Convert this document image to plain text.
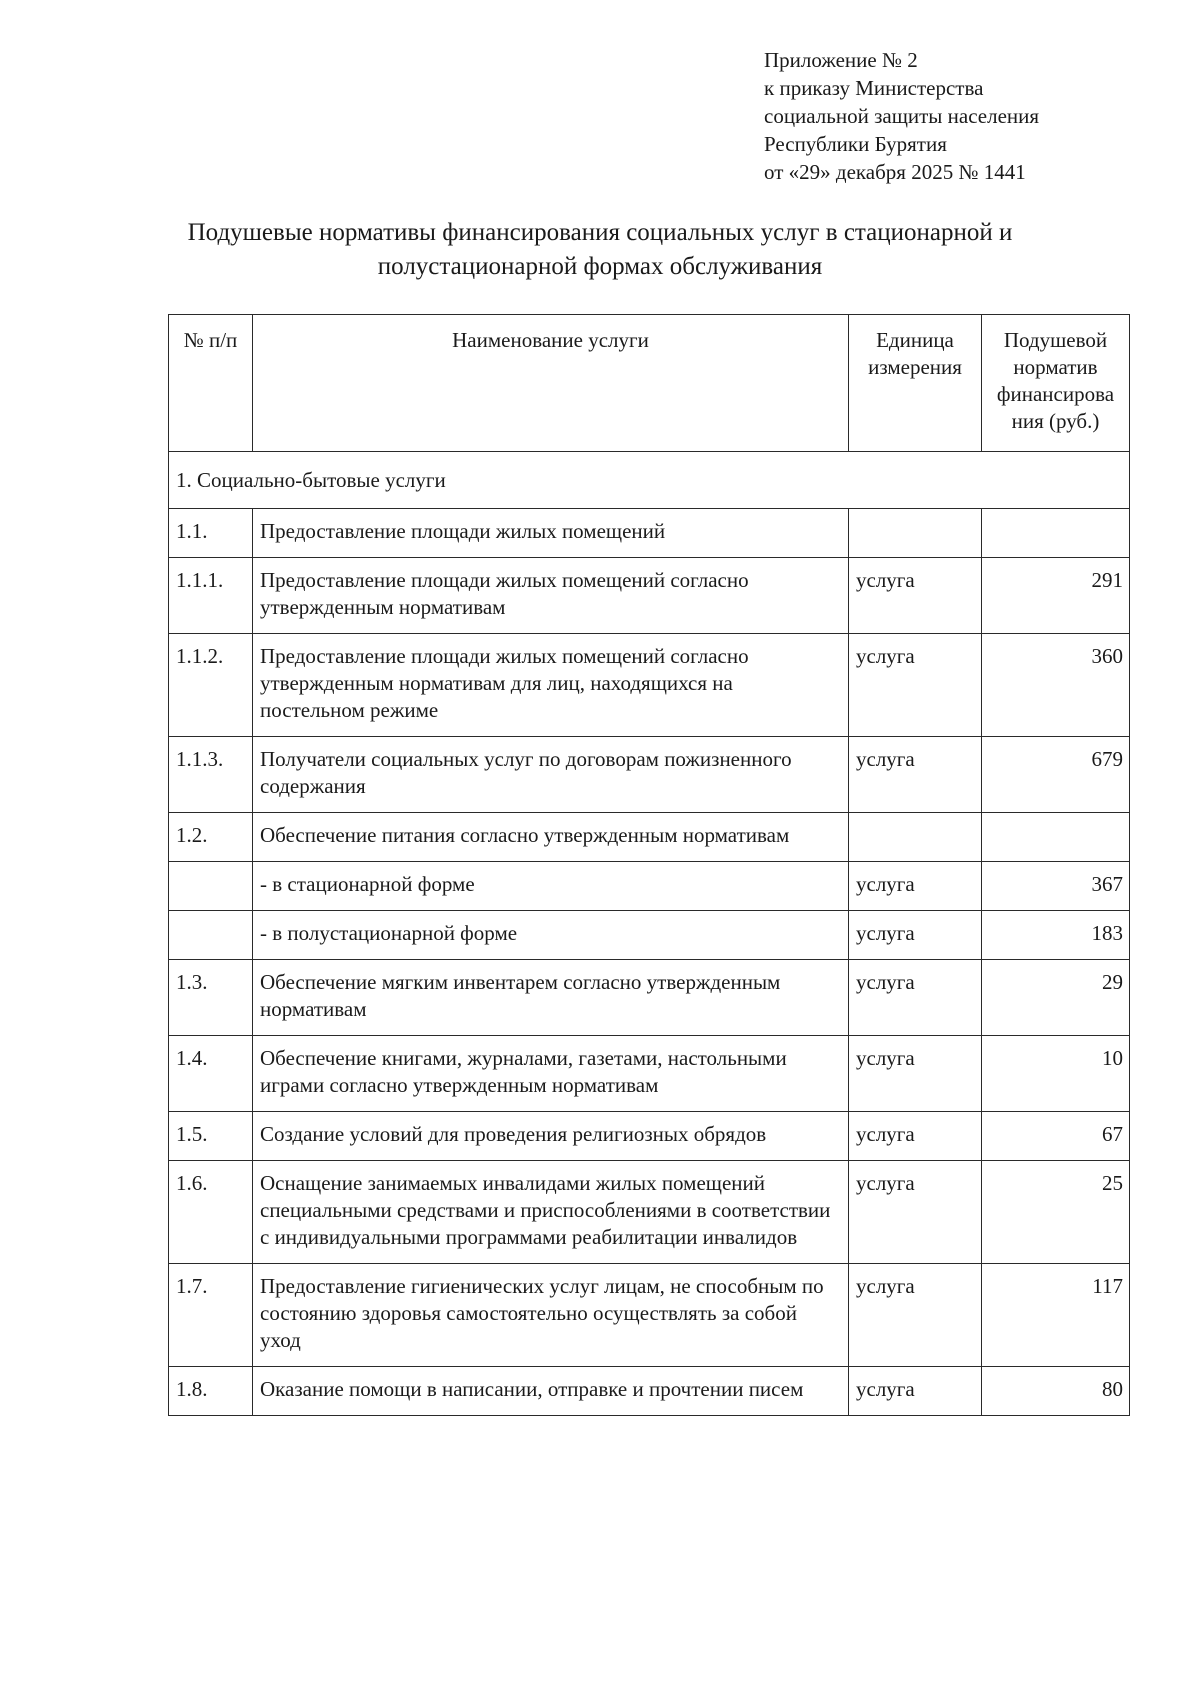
Приложение № 2
к приказу Министерства
социальной защиты населения
Республики Бурятия
от «29» декабря 2025 № 1441
Подушевые нормативы финансирования социальных услуг в стационарной и
полустационарной формах обслуживания
№ п/п	Наименование услуги	Единица измерения	Подушевой норматив финансирова ния (руб.)
1. Социально-бытовые услуги			
1.1.	Предоставление площади жилых помещений		
1.1.1.	Предоставление площади жилых помещений согласно утвержденным нормативам	услуга	291
1.1.2.	Предоставление площади жилых помещений согласно утвержденным нормативам для лиц, находящихся на постельном режиме	услуга	360
1.1.3.	Получатели социальных услуг по договорам пожизненного содержания	услуга	679
1.2.	Обеспечение питания согласно утвержденным нормативам		
	- в стационарной форме	услуга	367
	- в полустационарной форме	услуга	183
1.3.	Обеспечение мягким инвентарем согласно утвержденным нормативам	услуга	29
1.4.	Обеспечение книгами, журналами, газетами, настольными играми согласно утвержденным нормативам	услуга	10
1.5.	Создание условий для проведения религиозных обрядов	услуга	67
1.6.	Оснащение занимаемых инвалидами жилых помещений специальными средствами и приспособлениями в соответствии с индивидуальными программами реабилитации инвалидов	услуга	25
1.7.	Предоставление гигиенических услуг лицам, не способным по состоянию здоровья самостоятельно осуществлять за собой уход	услуга	117
1.8.	Оказание помощи в написании, отправке и прочтении писем	услуга	80
